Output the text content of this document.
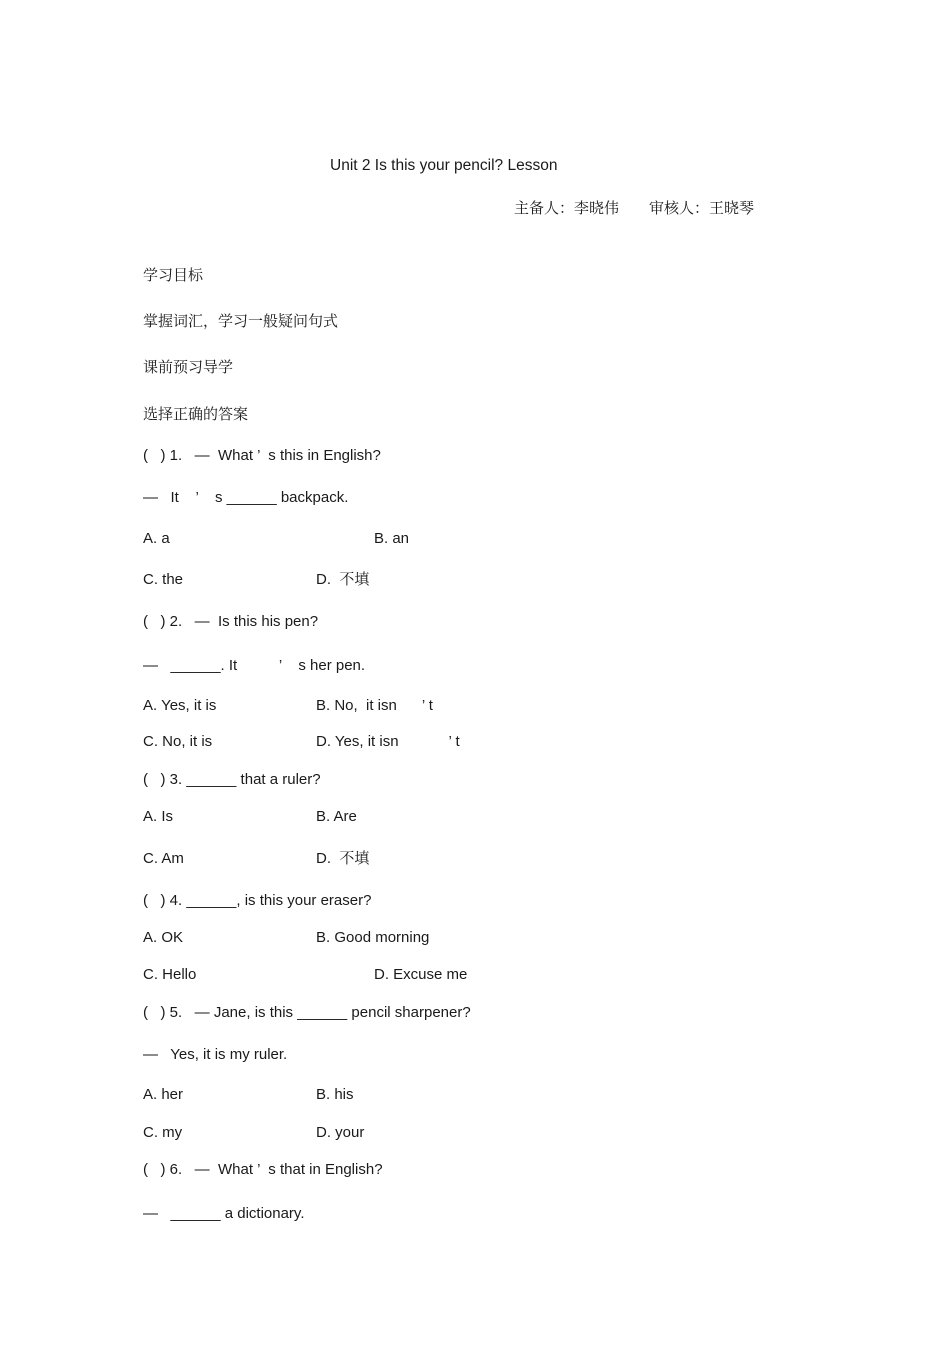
Unit 2 Is this your pencil? Lesson
主备人：李晓伟 审核人：王晓琴
学习目标
掌握词汇，学习一般疑问句式
课前预习导学
选择正确的答案
(   ) 1.   —  What ’  s this in English?
—   It    ’    s ______ backpack.
A. a	B. an
C. the	D.  不填
(   ) 2.   —  Is this his pen?
—   ______. It          ’    s her pen.
A. Yes, it is	B. No,  it isn      ’ t
C. No, it is	D. Yes, it isn            ’ t
(   ) 3. ______ that a ruler?
A. Is	B. Are
C. Am	D.  不填
(   ) 4. ______, is this your eraser?
A. OK	B. Good morning
C. Hello	D. Excuse me
(   ) 5.   — Jane, is this ______ pencil sharpener?
—   Yes, it is my ruler.
A. her	B. his
C. my	D. your
(   ) 6.   —  What ’  s that in English?
—   ______ a dictionary.
